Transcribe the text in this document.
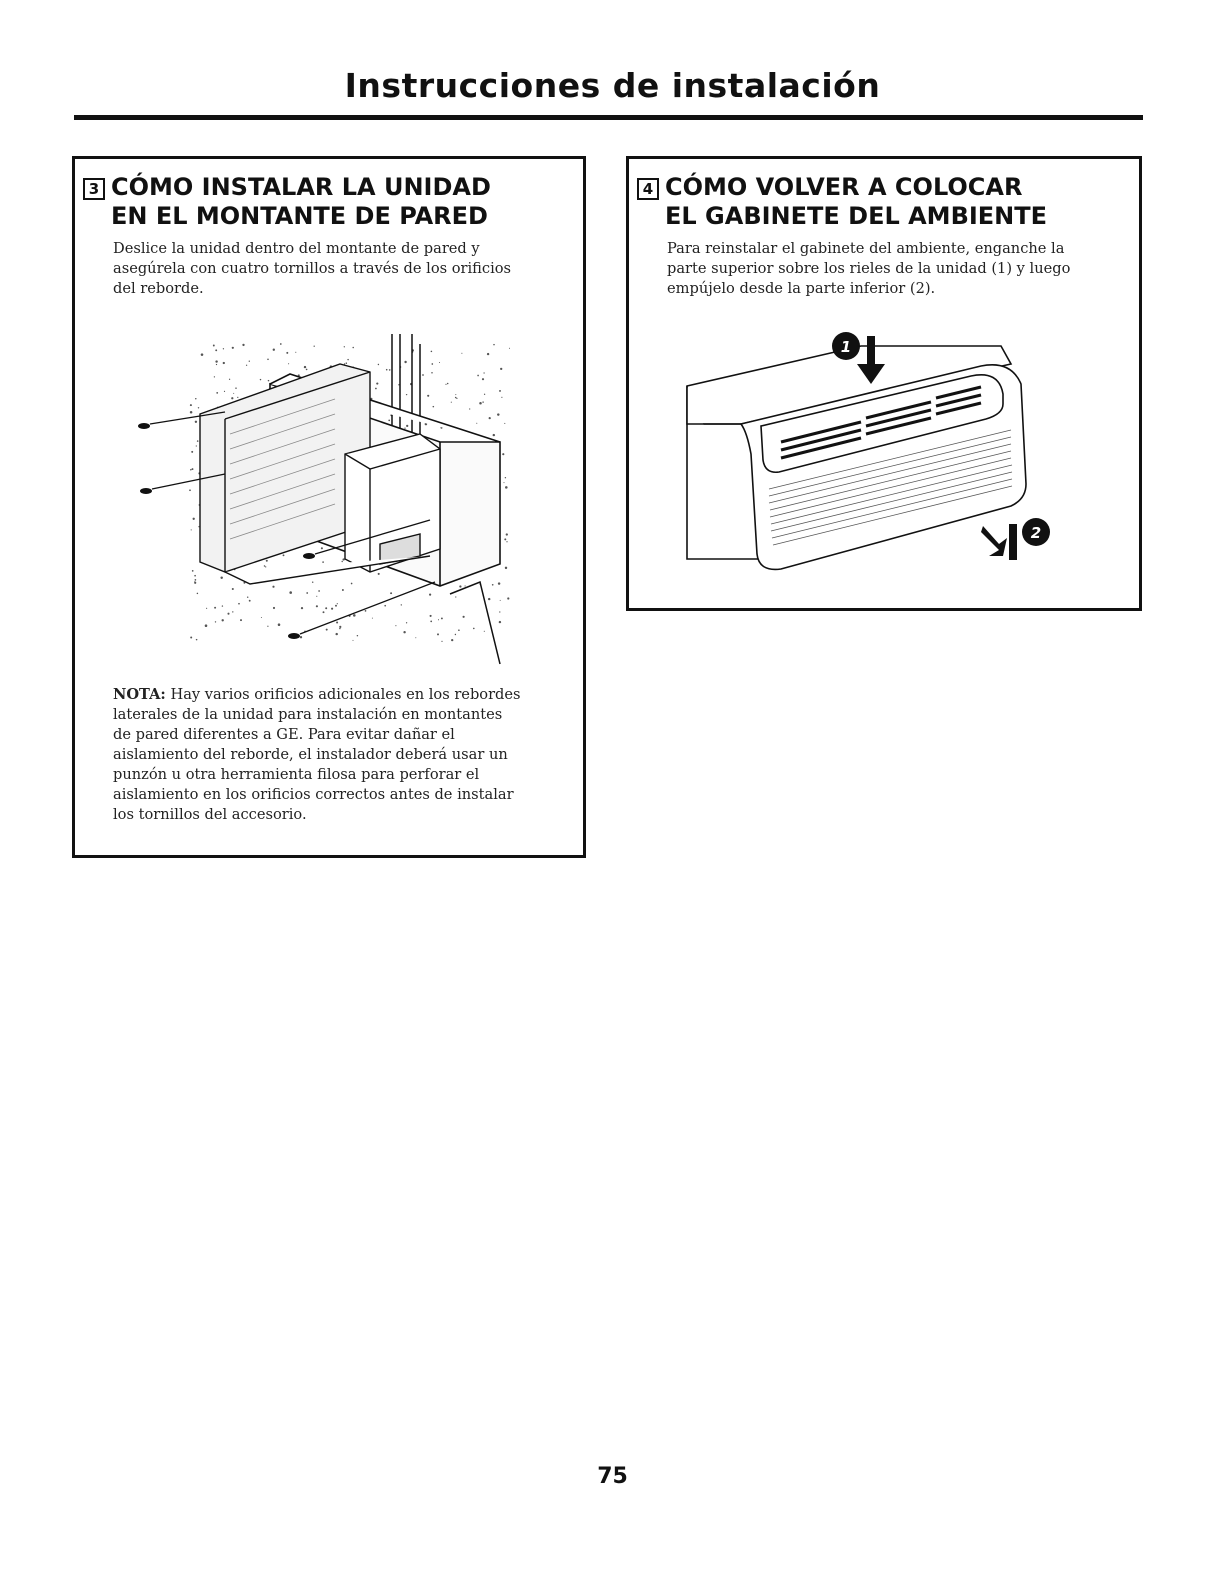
Instrucciones de instalación
3 CÓMO INSTALAR LA UNIDAD
EN EL MONTANTE DE PARED
Deslice la unidad dentro del montante de pared y
asegúrela con cuatro tornillos a través de los orificios
del reborde.
NOTA: Hay varios orificios adicionales en los rebordes
laterales de la unidad para instalación en montantes
de pared diferentes a GE. Para evitar dañar el
aislamiento del reborde, el instalador deberá usar un
punzón u otra herramienta filosa para perforar el
aislamiento en los orificios correctos antes de instalar
los tornillos del accesorio.
4 CÓMO VOLVER A COLOCAR
EL GABINETE DEL AMBIENTE
Para reinstalar el gabinete del ambiente, enganche la
parte superior sobre los rieles de la unidad (1) y luego
empújelo desde la parte inferior (2).
1
2
75
